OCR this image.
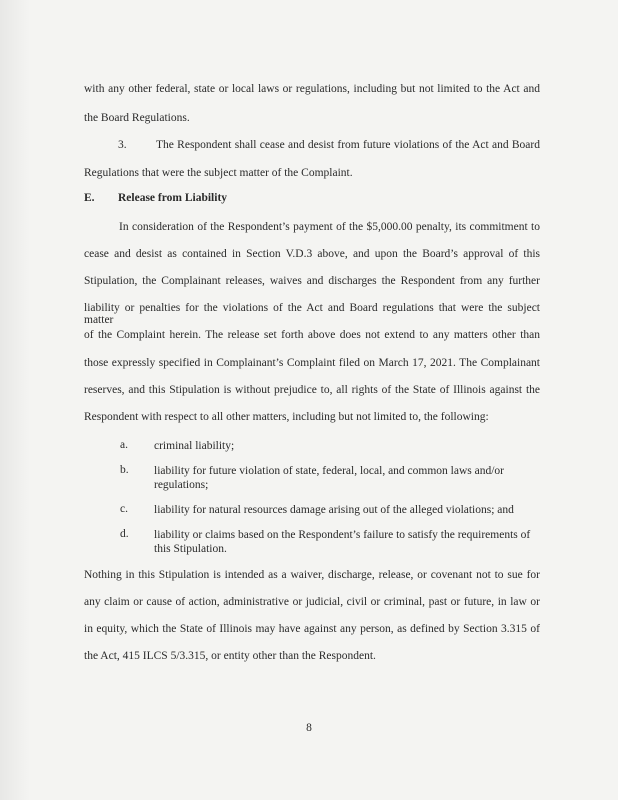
with any other federal, state or local laws or regulations, including but not limited to the Act and
the Board Regulations.
3.	The Respondent shall cease and desist from future violations of the Act and Board
Regulations that were the subject matter of the Complaint.
E. Release from Liability
In consideration of the Respondent’s payment of the $5,000.00 penalty, its commitment to
cease and desist as contained in Section V.D.3 above, and upon the Board’s approval of this
Stipulation, the Complainant releases, waives and discharges the Respondent from any further
liability or penalties for the violations of the Act and Board regulations that were the subject matter
of the Complaint herein. The release set forth above does not extend to any matters other than
those expressly specified in Complainant’s Complaint filed on March 17, 2021. The Complainant
reserves, and this Stipulation is without prejudice to, all rights of the State of Illinois against the
Respondent with respect to all other matters, including but not limited to, the following:
a. criminal liability;
b. liability for future violation of state, federal, local, and common laws and/or regulations;
c. liability for natural resources damage arising out of the alleged violations; and
d. liability or claims based on the Respondent’s failure to satisfy the requirements of this Stipulation.
Nothing in this Stipulation is intended as a waiver, discharge, release, or covenant not to sue for
any claim or cause of action, administrative or judicial, civil or criminal, past or future, in law or
in equity, which the State of Illinois may have against any person, as defined by Section 3.315 of
the Act, 415 ILCS 5/3.315, or entity other than the Respondent.
8
